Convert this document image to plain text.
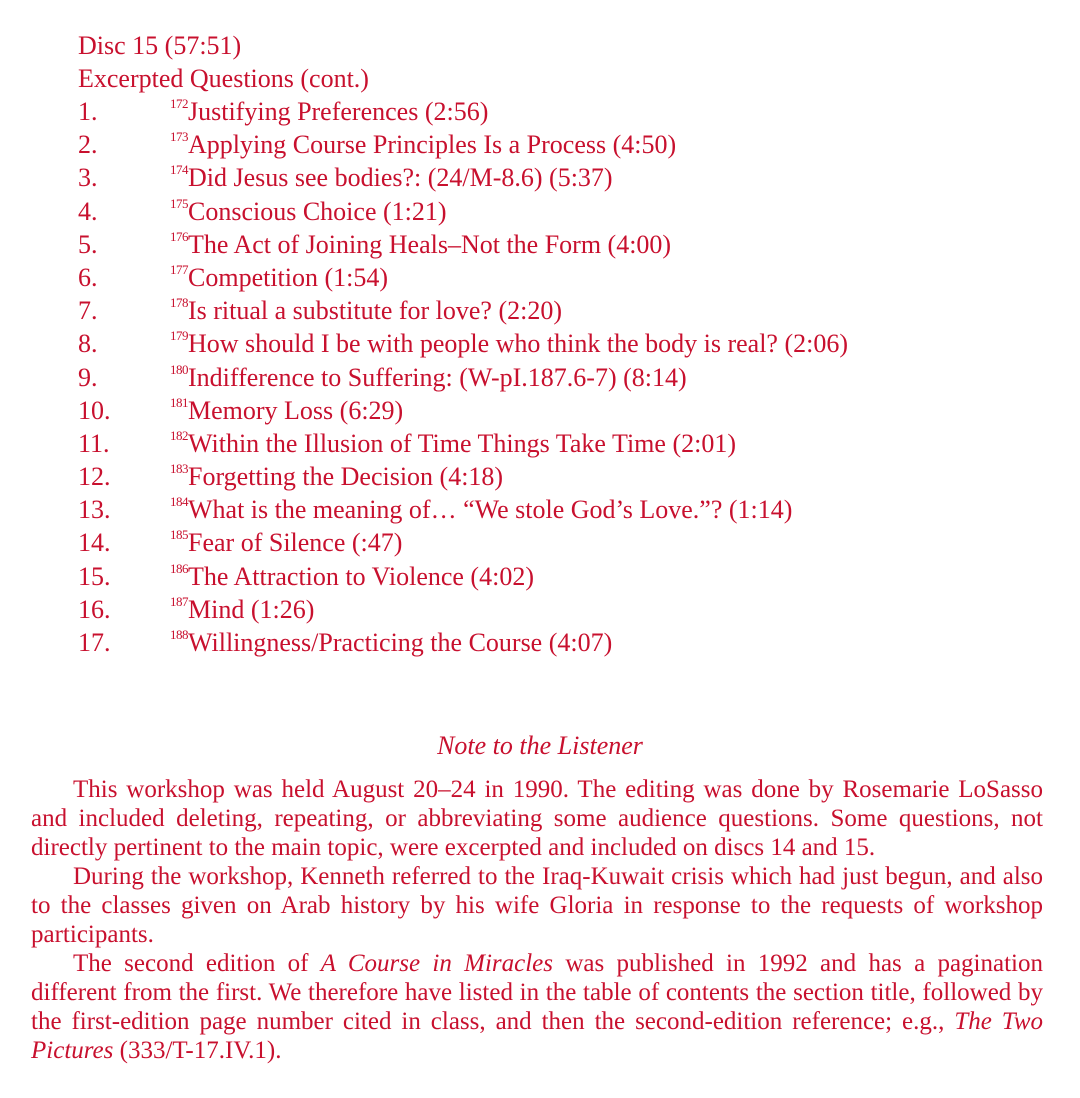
Disc 15 (57:51)
Excerpted Questions (cont.)
1.	$^{172}$Justifying Preferences (2:56)
2.	$^{173}$Applying Course Principles Is a Process (4:50)
3.	$^{174}$Did Jesus see bodies?: (24/M-8.6) (5:37)
4.	$^{175}$Conscious Choice (1:21)
5.	$^{176}$The Act of Joining Heals–Not the Form (4:00)
6.	$^{177}$Competition (1:54)
7.	$^{178}$Is ritual a substitute for love? (2:20)
8.	$^{179}$How should I be with people who think the body is real? (2:06)
9.	$^{180}$Indifference to Suffering: (W-pI.187.6-7) (8:14)
10.	$^{181}$Memory Loss (6:29)
11.	$^{182}$Within the Illusion of Time Things Take Time (2:01)
12.	$^{183}$Forgetting the Decision (4:18)
13.	$^{184}$What is the meaning of… “We stole God’s Love.”? (1:14)
14.	$^{185}$Fear of Silence (:47)
15.	$^{186}$The Attraction to Violence (4:02)
16.	$^{187}$Mind (1:26)
17.	$^{188}$Willingness/Practicing the Course (4:07)
Note to the Listener

This workshop was held August 20–24 in 1990. The editing was done by Rosemarie LoSasso and included deleting, repeating, or abbreviating some audience questions. Some questions, not directly pertinent to the main topic, were excerpted and included on discs 14 and 15.

During the workshop, Kenneth referred to the Iraq-Kuwait crisis which had just begun, and also to the classes given on Arab history by his wife Gloria in response to the requests of workshop participants.

The second edition of A Course in Miracles was published in 1992 and has a pagination different from the first. We therefore have listed in the table of contents the section title, followed by the first-edition page number cited in class, and then the second-edition reference; e.g., The Two Pictures (333/T-17.IV.1).
